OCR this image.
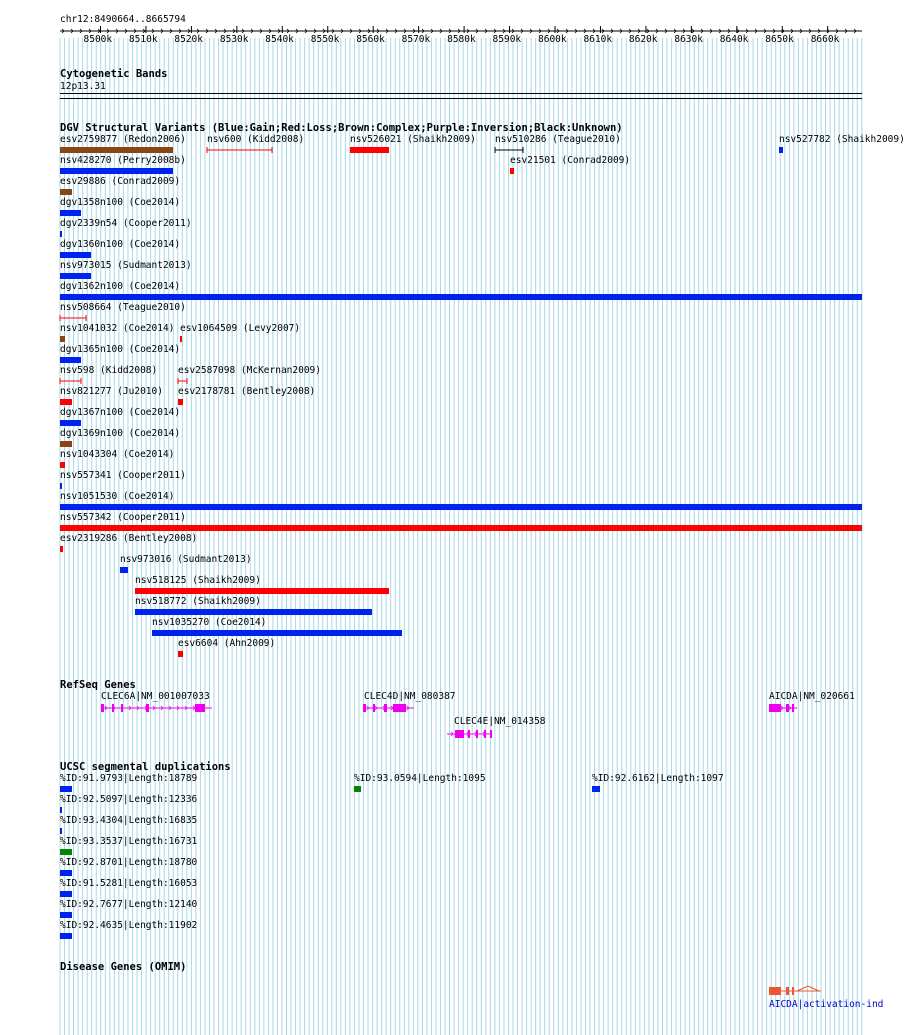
chr12:8490664..8665794
8500k 8510k 8520k 8530k 8540k 8550k 8560k 8570k 8580k 8590k 8600k 8610k 8620k 8630k 8640k 8650k 8660k
Cytogenetic Bands
12p13.31
DGV Structural Variants (Blue:Gain;Red:Loss;Brown:Complex;Purple:Inversion;Black:Unknown)
esv2759877 (Redon2006) nsv600 (Kidd2008)	nsv526021 (Shaikh2009) nsv510286 (Teague2010)	nsv527782 (Shaikh2009)
nsv428270 (Perry2008b)	esv21501 (Conrad2009)
esv29886 (Conrad2009)
dgv1358n100 (Coe2014)
dgv2339n54 (Cooper2011)
dgv1360n100 (Coe2014)
nsv973015 (Sudmant2013)
dgv1362n100 (Coe2014)
nsv508664 (Teague2010)
nsv1041032 (Coe2014) esv1064509 (Levy2007)
dgv1365n100 (Coe2014)
nsv598 (Kidd2008) esv2587098 (McKernan2009)
nsv821277 (Ju2010) esv2178781 (Bentley2008)
dgv1367n100 (Coe2014)
dgv1369n100 (Coe2014)
nsv1043304 (Coe2014)
nsv557341 (Cooper2011)
nsv1051530 (Coe2014)
nsv557342 (Cooper2011)
esv2319286 (Bentley2008)
nsv973016 (Sudmant2013)
nsv518125 (Shaikh2009)
nsv518772 (Shaikh2009)
nsv1035270 (Coe2014)
esv6604 (Ahn2009)
RefSeq Genes
CLEC6A|NM_001007033	CLEC4D|NM_080387
CLEC4E|NM_014358
AICDA|NM_020661
UCSC segmental duplications
%ID:91.9793|Length:18789
%ID:92.5097|Length:12336
%ID:93.4304|Length:16835
%ID:93.3537|Length:16731
%ID:92.8701|Length:18780
%ID:91.5281|Length:16053
%ID:92.7677|Length:12140
%ID:92.4635|Length:11902
%ID:93.0594|Length:1095	%ID:92.6162|Length:1097
Disease Genes (OMIM)
AICDA|activation-ind
